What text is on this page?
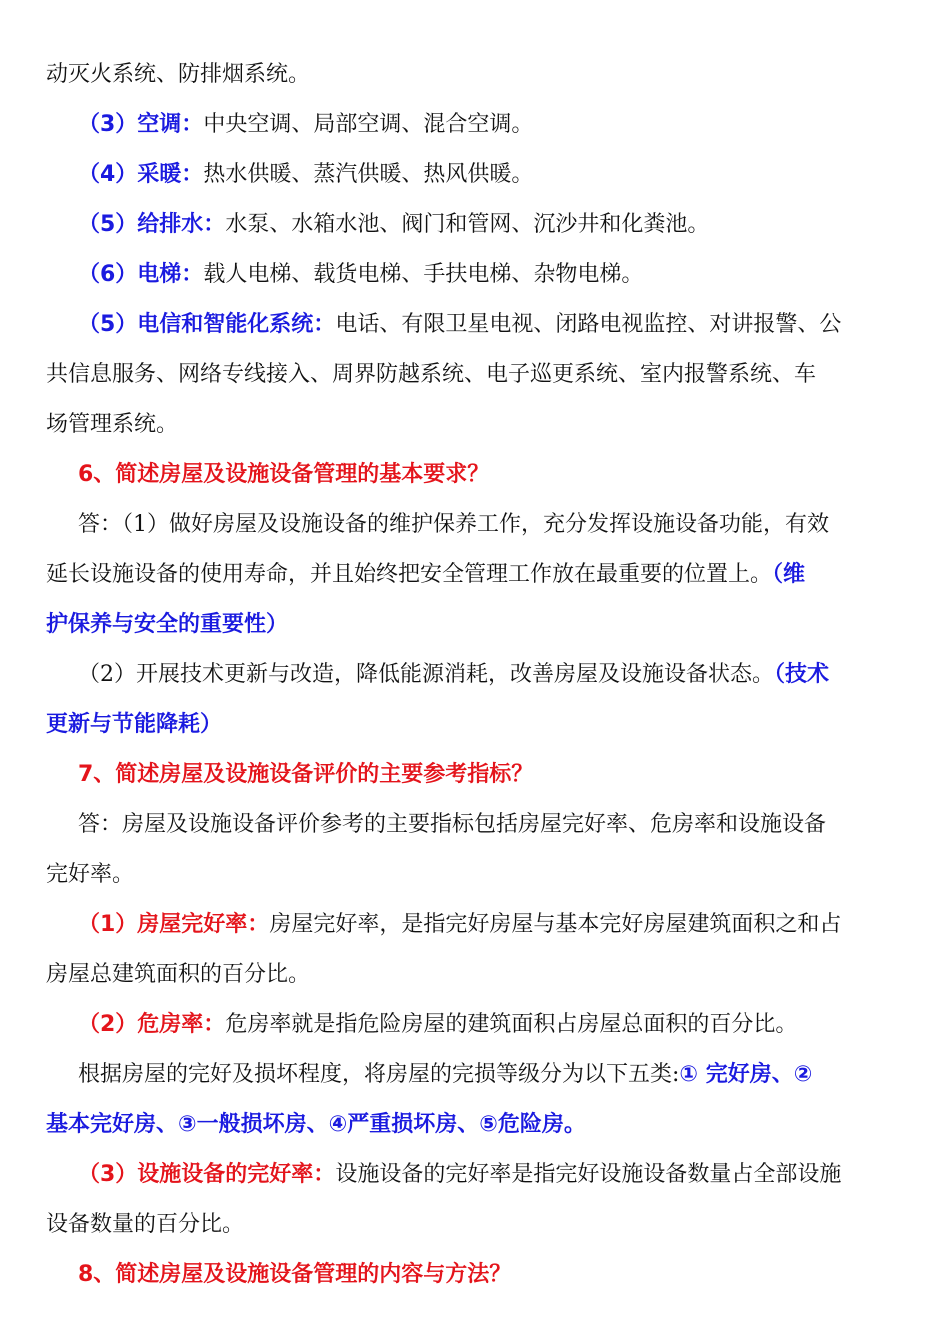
动灭火系统、防排烟系统。
（3）空调：中央空调、局部空调、混合空调。
（4）采暖：热水供暖、蒸汽供暖、热风供暖。
（5）给排水：水泵、水箱水池、阀门和管网、沉沙井和化粪池。
（6）电梯：载人电梯、载货电梯、手扶电梯、杂物电梯。
（5）电信和智能化系统：电话、有限卫星电视、闭路电视监控、对讲报警、公
共信息服务、网络专线接入、周界防越系统、电子巡更系统、室内报警系统、车
场管理系统。
6、简述房屋及设施设备管理的基本要求？
答：（1）做好房屋及设施设备的维护保养工作，充分发挥设施设备功能，有效
延长设施设备的使用寿命，并且始终把安全管理工作放在最重要的位置上。（维
护保养与安全的重要性）
（2）开展技术更新与改造，降低能源消耗，改善房屋及设施设备状态。（技术
更新与节能降耗）
7、简述房屋及设施设备评价的主要参考指标？
答：房屋及设施设备评价参考的主要指标包括房屋完好率、危房率和设施设备
完好率。
（1）房屋完好率：房屋完好率，是指完好房屋与基本完好房屋建筑面积之和占
房屋总建筑面积的百分比。
（2）危房率：危房率就是指危险房屋的建筑面积占房屋总面积的百分比。
根据房屋的完好及损坏程度，将房屋的完损等级分为以下五类:① 完好房、②
基本完好房、③一般损坏房、④严重损坏房、⑤危险房。
（3）设施设备的完好率：设施设备的完好率是指完好设施设备数量占全部设施
设备数量的百分比。
8、简述房屋及设施设备管理的内容与方法？
